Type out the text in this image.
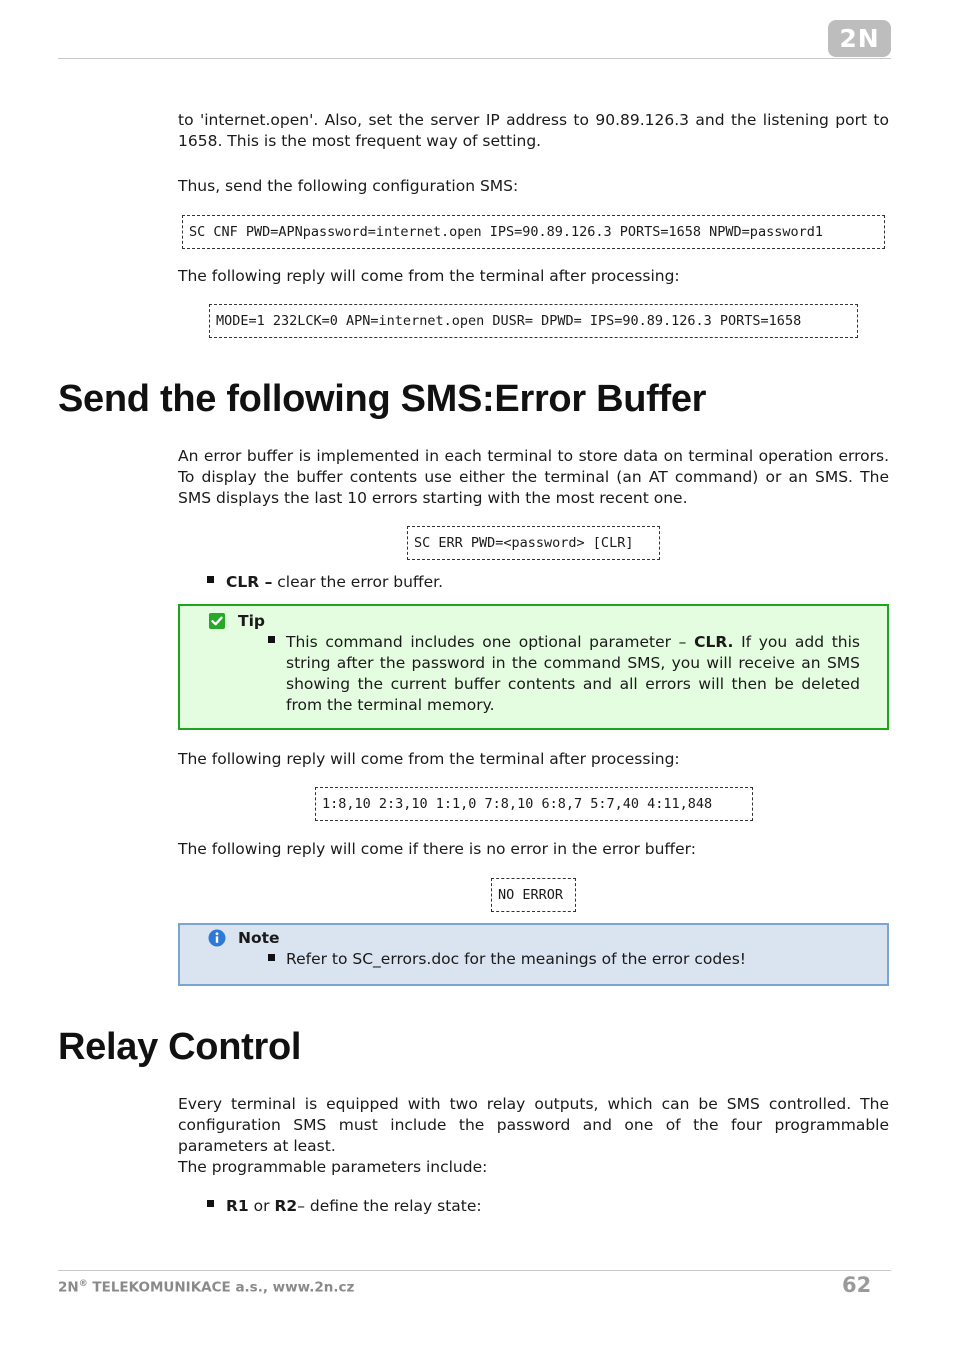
2N
to 'internet.open'. Also, set the server IP address to 90.89.126.3 and the listening port to 1658. This is the most frequent way of setting.
Thus, send the following configuration SMS:
SC CNF PWD=APNpassword=internet.open IPS=90.89.126.3 PORTS=1658 NPWD=password1
The following reply will come from the terminal after processing:
MODE=1 232LCK=0 APN=internet.open DUSR= DPWD= IPS=90.89.126.3 PORTS=1658
Send the following SMS:Error Buffer
An error buffer is implemented in each terminal to store data on terminal operation errors. To display the buffer contents use either the terminal (an AT command) or an SMS. The SMS displays the last 10 errors starting with the most recent one.
SC ERR PWD=<password> [CLR]
CLR – clear the error buffer.
Tip
This command includes one optional parameter – CLR. If you add this string after the password in the command SMS, you will receive an SMS showing the current buffer contents and all errors will then be deleted from the terminal memory.
The following reply will come from the terminal after processing:
1:8,10 2:3,10 1:1,0 7:8,10 6:8,7 5:7,40 4:11,848
The following reply will come if there is no error in the error buffer:
NO ERROR
Note
Refer to SC_errors.doc for the meanings of the error codes!
Relay Control
Every terminal is equipped with two relay outputs, which can be SMS controlled. The configuration SMS must include the password and one of the four programmable parameters at least.
The programmable parameters include:
R1 or R2– define the relay state:
2N® TELEKOMUNIKACE a.s., www.2n.cz	62
